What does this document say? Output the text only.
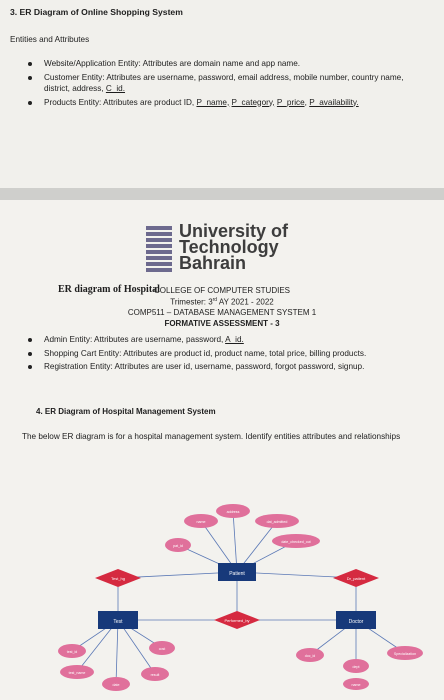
3. ER Diagram of Online Shopping System
Entities and Attributes
Website/Application Entity: Attributes are domain name and app name.
Customer Entity: Attributes are username, password, email address, mobile number, country name, district, address, C_id.
Products Entity: Attributes are product ID, P_name, P_category, P_price, P_availability.
University of
Technology
Bahrain
COLLEGE OF COMPUTER STUDIES
Trimester: 3rd AY 2021 - 2022
COMP511 – DATABASE MANAGEMENT SYSTEM 1
FORMATIVE ASSESSMENT - 3
Admin Entity: Attributes are username, password, A_id.
Shopping Cart Entity: Attributes are product id, product name, total price, billing products.
Registration Entity: Attributes are user id, username, password, forgot password, signup.
4. ER Diagram of Hospital Management System
The below ER diagram is for a hospital management system. Identify entities attributes and relationships
ER diagram of Hospital
Patient
Test	Doctor
Test_hg
Performed_by
Dr_patient
name
address
dat_admitted
date_checked_out
pat_id
test_id
test_name
date
result
cost
doc_id
dept
name
Specialization
